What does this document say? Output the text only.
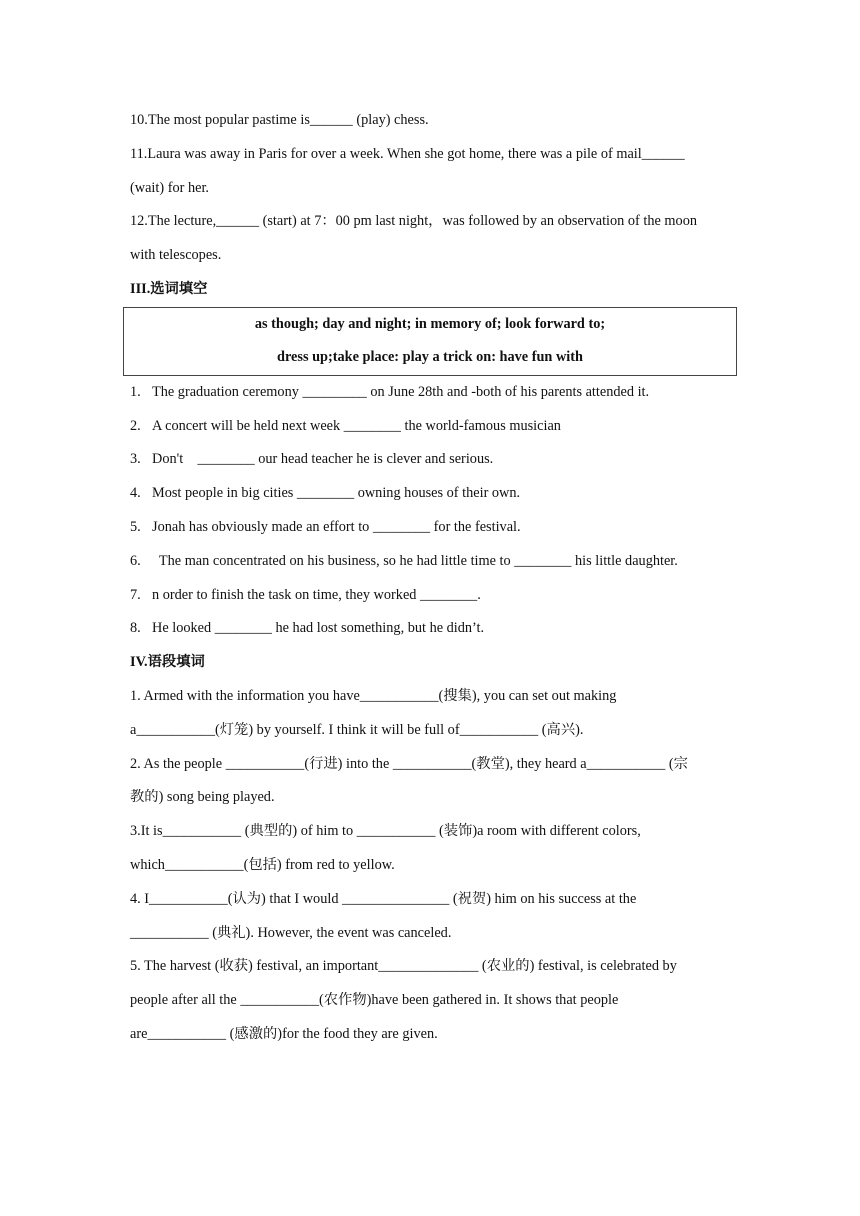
10.The most popular pastime is______ (play) chess.
11.Laura was away in Paris for over a week. When she got home, there was a pile of mail______
(wait) for her.
12.The lecture,______ (start) at 7：00 pm last night，was followed by an observation of the moon
with telescopes.
III.选词填空
as though; day and night; in memory of; look forward to;
dress up;take place: play a trick on: have fun with
1. The graduation ceremony _________ on June 28th and -both of his parents attended it.
2. A concert will be held next week ________ the world-famous musician
3. Don't    ________ our head teacher he is clever and serious.
4. Most people in big cities ________ owning houses of their own.
5. Jonah has obviously made an effort to ________ for the festival.
6.  The man concentrated on his business, so he had little time to ________ his little daughter.
7. n order to finish the task on time, they worked ________.
8. He looked ________ he had lost something, but he didn’t.
IV.语段填词
1. Armed with the information you have___________(搜集), you can set out making
a___________(灯笼) by yourself. I think it will be full of___________ (高兴).
2. As the people ___________(行进) into the ___________(教堂), they heard a___________ (宗
教的) song being played.
3.It is___________ (典型的) of him to ___________ (装饰)a room with different colors,
which___________(包括) from red to yellow.
4. I___________(认为) that I would _______________ (祝贺) him on his success at the
___________ (典礼). However, the event was canceled.
5. The harvest (收获) festival, an important______________ (农业的) festival, is celebrated by
people after all the ___________(农作物)have been gathered in. It shows that people
are___________ (感激的)for the food they are given.
